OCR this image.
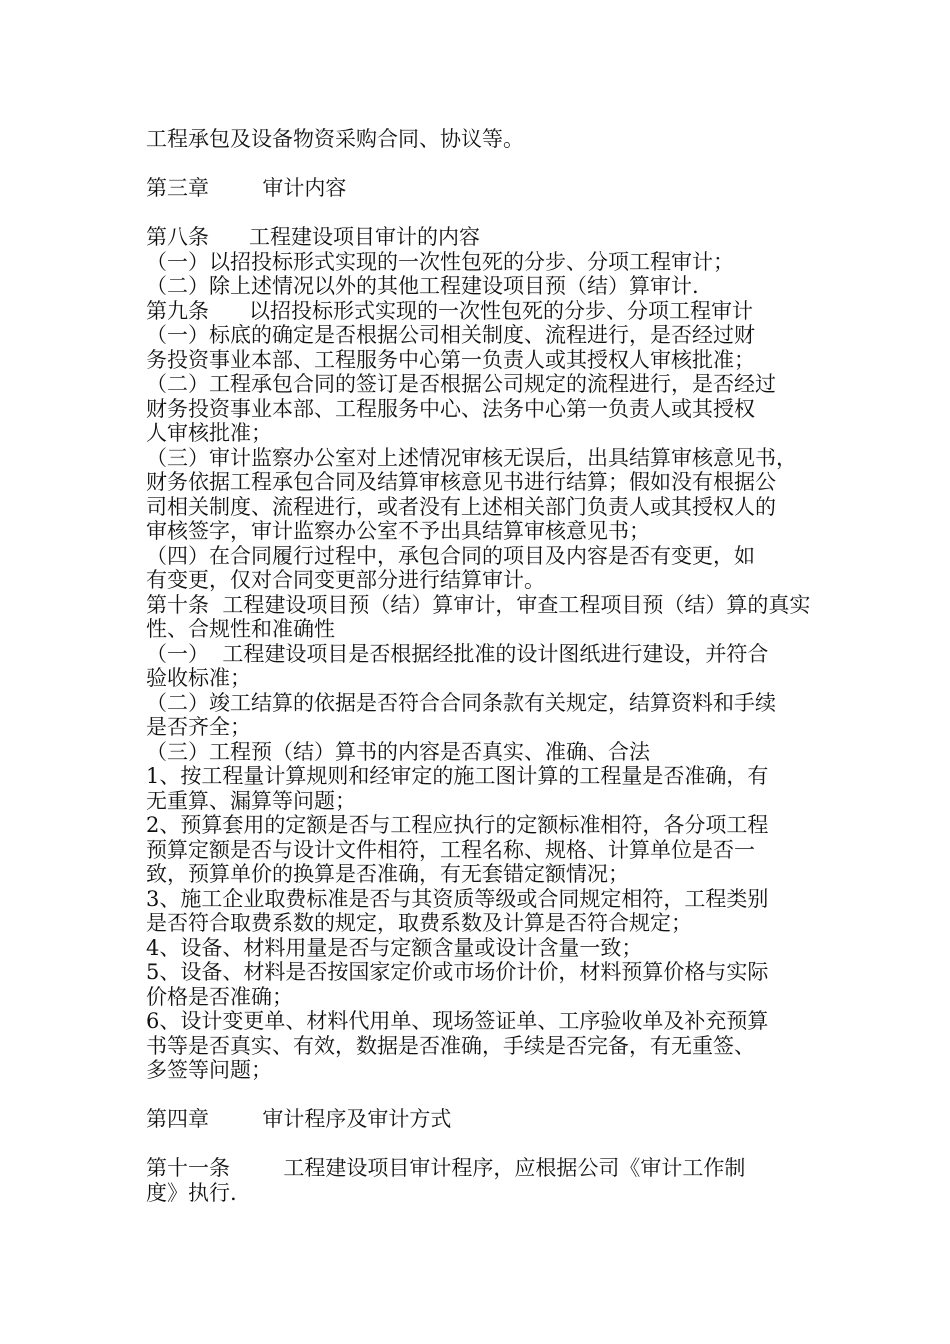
工程承包及设备物资采购合同、协议等。
第三章        审计内容
第八条      工程建设项目审计的内容
（一）以招投标形式实现的一次性包死的分步、分项工程审计；
（二）除上述情况以外的其他工程建设项目预（结）算审计.
第九条      以招投标形式实现的一次性包死的分步、分项工程审计
（一）标底的确定是否根据公司相关制度、流程进行，是否经过财
务投资事业本部、工程服务中心第一负责人或其授权人审核批准；
（二）工程承包合同的签订是否根据公司规定的流程进行，是否经过
财务投资事业本部、工程服务中心、法务中心第一负责人或其授权
人审核批准；
（三）审计监察办公室对上述情况审核无误后，出具结算审核意见书，
财务依据工程承包合同及结算审核意见书进行结算；假如没有根据公
司相关制度、流程进行，或者没有上述相关部门负责人或其授权人的
审核签字，审计监察办公室不予出具结算审核意见书；
（四）在合同履行过程中，承包合同的项目及内容是否有变更，如
有变更，仅对合同变更部分进行结算审计。
第十条  工程建设项目预（结）算审计，审查工程项目预（结）算的真实
性、合规性和准确性
（一）  工程建设项目是否根据经批准的设计图纸进行建设，并符合
验收标准；
（二）竣工结算的依据是否符合合同条款有关规定，结算资料和手续
是否齐全；
（三）工程预（结）算书的内容是否真实、准确、合法
1、按工程量计算规则和经审定的施工图计算的工程量是否准确，有
无重算、漏算等问题；
2、预算套用的定额是否与工程应执行的定额标准相符，各分项工程
预算定额是否与设计文件相符，工程名称、规格、计算单位是否一
致，预算单价的换算是否准确，有无套错定额情况；
3、施工企业取费标准是否与其资质等级或合同规定相符，工程类别
是否符合取费系数的规定，取费系数及计算是否符合规定；
4、设备、材料用量是否与定额含量或设计含量一致；
5、设备、材料是否按国家定价或市场价计价，材料预算价格与实际
价格是否准确；
6、设计变更单、材料代用单、现场签证单、工序验收单及补充预算
书等是否真实、有效，数据是否准确，手续是否完备，有无重签、
多签等问题；
第四章        审计程序及审计方式
第十一条        工程建设项目审计程序，应根据公司《审计工作制
度》执行.
